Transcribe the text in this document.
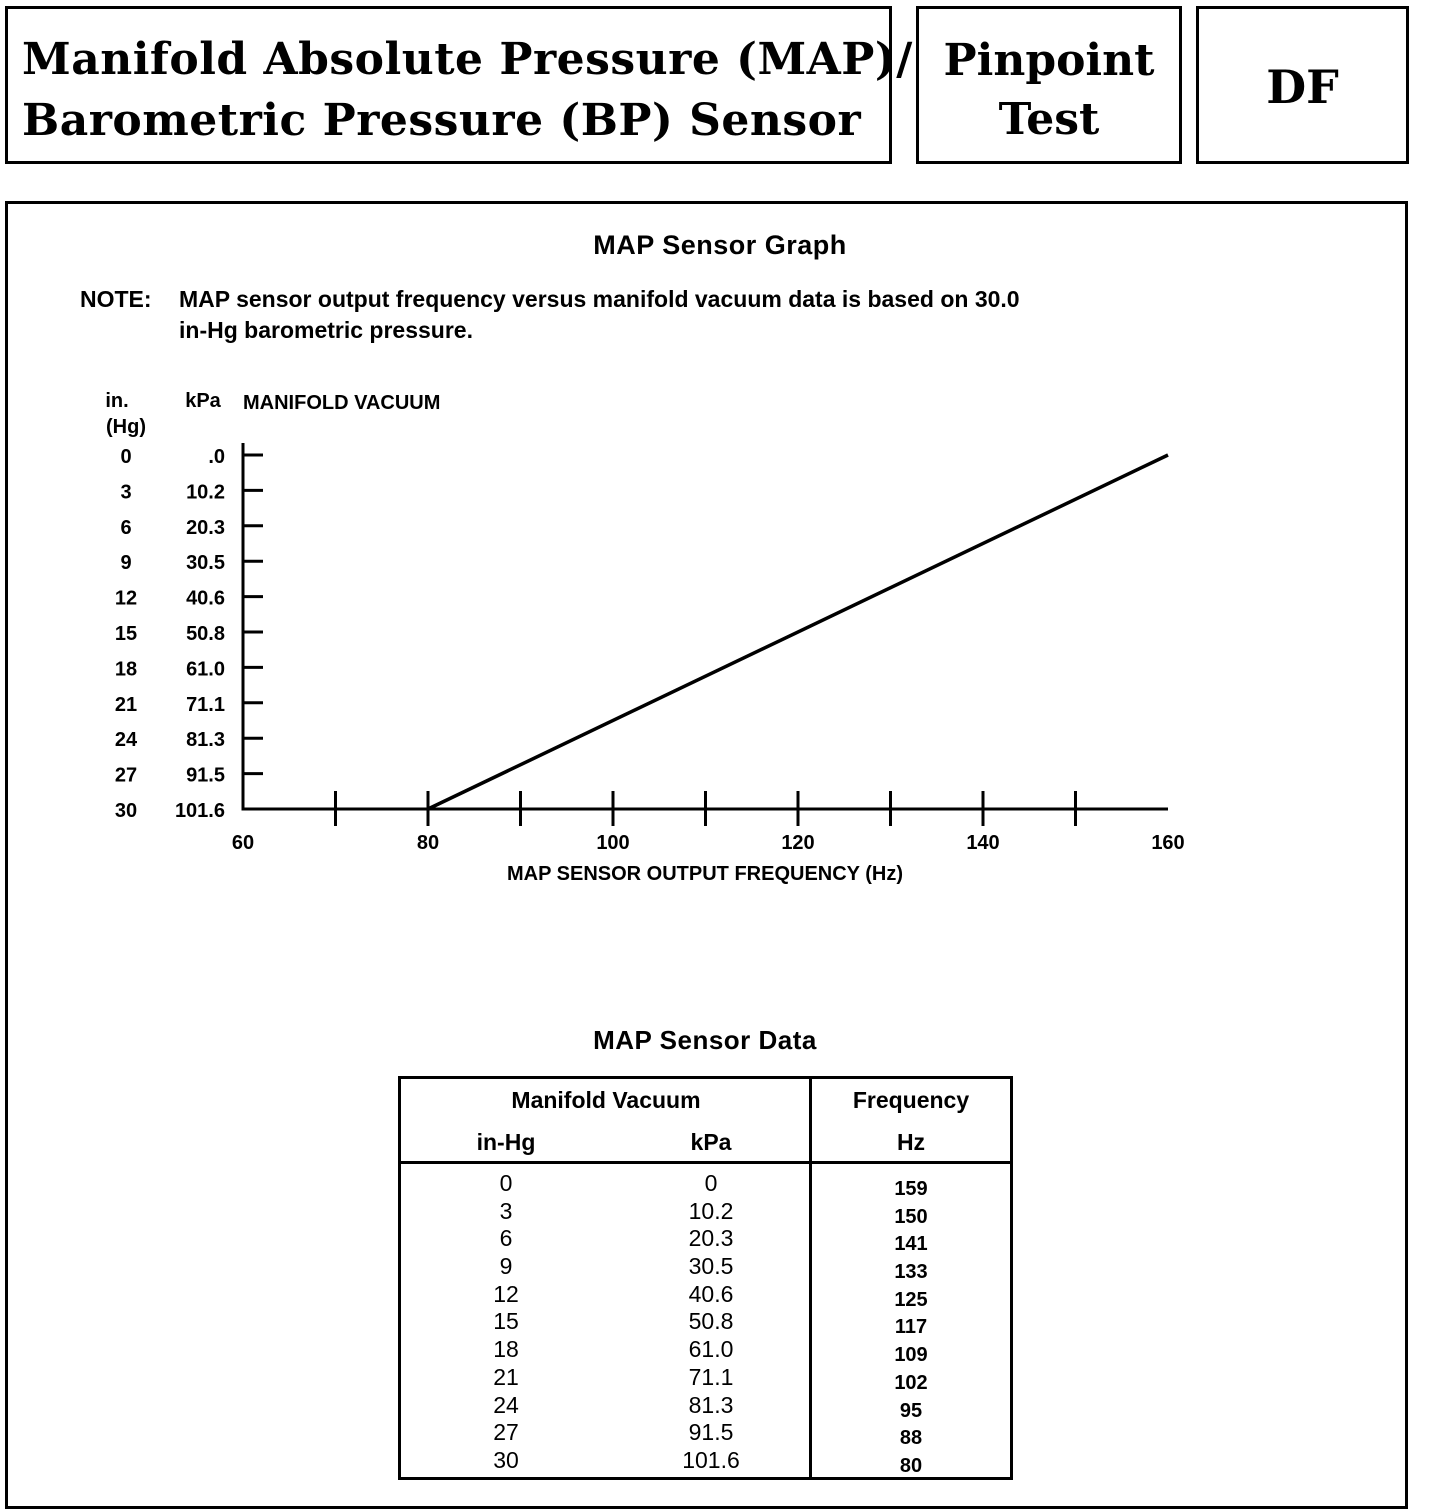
Manifold Absolute Pressure (MAP)/
Barometric Pressure (BP) Sensor
Pinpoint
Test
DF
MAP Sensor Graph
NOTE: MAP sensor output frequency versus manifold vacuum data is based on 30.0
in-Hg barometric pressure.
in.
(Hg)
kPa MANIFOLD VACUUM
0	.0
3	10.2
6	20.3
9	30.5
12 40.6
15 50.8
18 61.0
21 71.1
24 81.3
27 91.5
30 101.6
60	80	100	120	140	160
MAP SENSOR OUTPUT FREQUENCY (Hz)
MAP Sensor Data
Manifold Vacuum
in-Hg	kPa
Frequency
Hz
0	0	159
3	10.2	150
6	20.3	141
9	30.5	133
12	40.6	125
15	50.8	117
18	61.0	109
21	71.1	102
24	81.3	95
27	91.5	88
30	101.6	80
